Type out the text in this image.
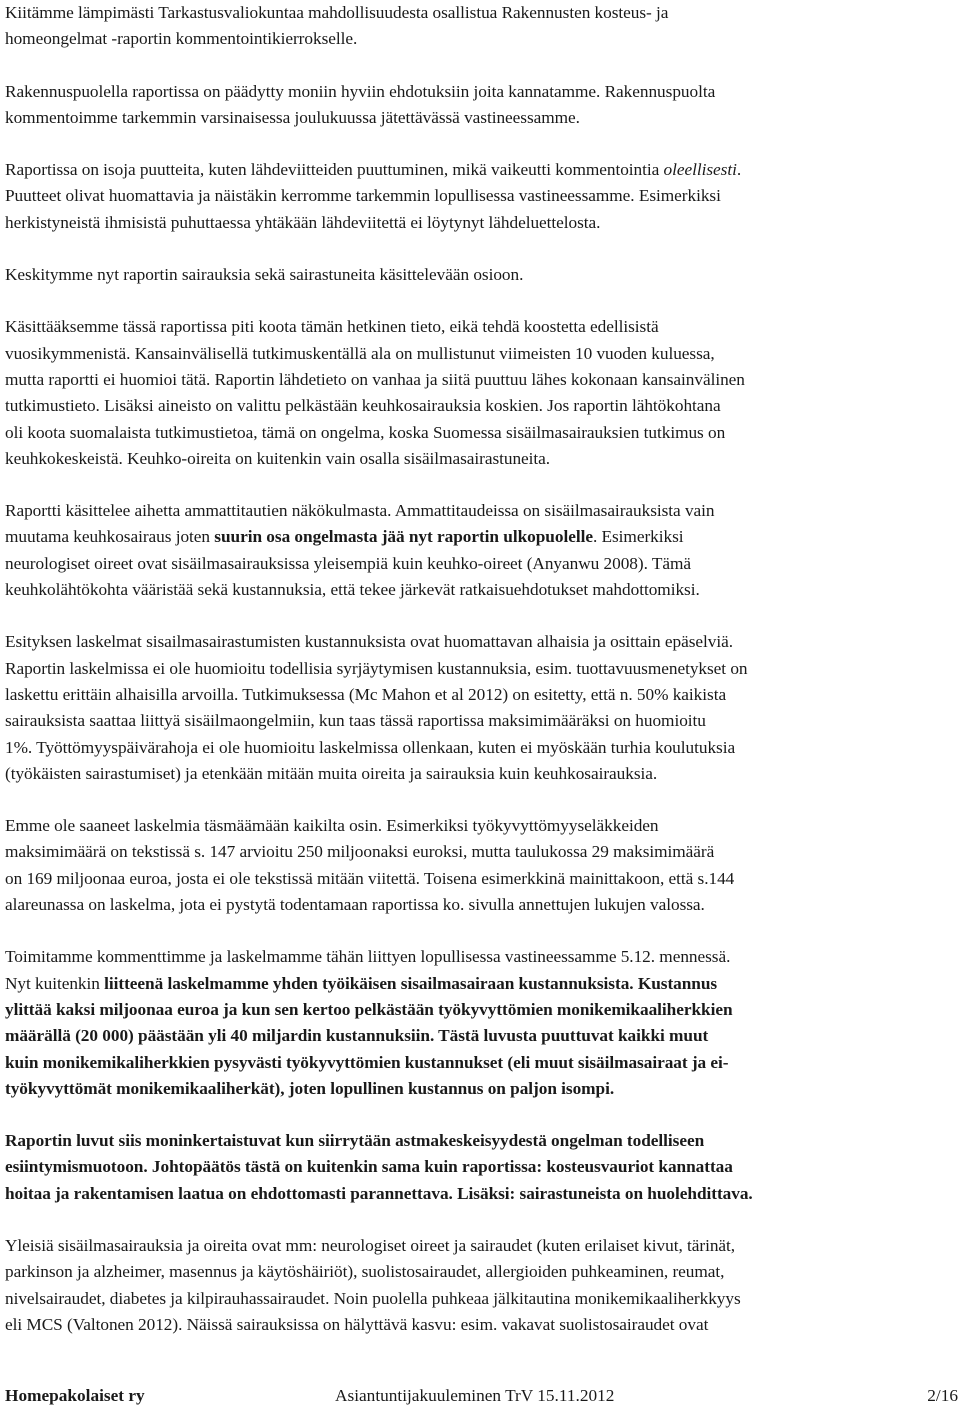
Kiitämme lämpimästi Tarkastusvaliokuntaa mahdollisuudesta osallistua Rakennusten kosteus- ja
homeongelmat -raportin kommentointikierrokselle.

Rakennuspuolella raportissa on päädytty moniin hyviin ehdotuksiin joita kannatamme. Rakennuspuolta
kommentoimme tarkemmin varsinaisessa joulukuussa jätettävässä vastineessamme.

Raportissa on isoja puutteita, kuten lähdeviitteiden puuttuminen, mikä vaikeutti kommentointia oleellisesti.
Puutteet olivat huomattavia ja näistäkin kerromme tarkemmin lopullisessa vastineessamme. Esimerkiksi
herkistyneistä ihmisistä puhuttaessa yhtäkään lähdeviitettä ei löytynyt lähdeluettelosta.

Keskitymme nyt raportin sairauksia sekä sairastuneita käsittelevään osioon.

Käsittääksemme tässä raportissa piti koota tämän hetkinen tieto, eikä tehdä koostetta edellisistä
vuosikymmenistä. Kansainvälisellä tutkimuskentällä ala on mullistunut viimeisten 10 vuoden kuluessa,
mutta raportti ei huomioi tätä. Raportin lähdetieto on vanhaa ja siitä puuttuu lähes kokonaan kansainvälinen
tutkimustieto. Lisäksi aineisto on valittu pelkästään keuhkosairauksia koskien. Jos raportin lähtökohtana
oli koota suomalaista tutkimustietoa, tämä on ongelma, koska Suomessa sisäilmasairauksien tutkimus on
keuhkokeskeistä. Keuhko-oireita on kuitenkin vain osalla sisäilmasairastuneita.

Raportti käsittelee aihetta ammattitautien näkökulmasta. Ammattitaudeissa on sisäilmasairauksista vain
muutama keuhkosairaus joten suurin osa ongelmasta jää nyt raportin ulkopuolelle. Esimerkiksi
neurologiset oireet ovat sisäilmasairauksissa yleisempiä kuin keuhko-oireet (Anyanwu 2008). Tämä
keuhkolähtökohta vääristää sekä kustannuksia, että tekee järkevät ratkaisuehdotukset mahdottomiksi.

Esityksen laskelmat sisailmasairastumisten kustannuksista ovat huomattavan alhaisia ja osittain epäselviä.
Raportin laskelmissa ei ole huomioitu todellisia syrjäytymisen kustannuksia, esim. tuottavuusmenetykset on
laskettu erittäin alhaisilla arvoilla. Tutkimuksessa (Mc Mahon et al 2012) on esitetty, että n. 50% kaikista
sairauksista saattaa liittyä sisäilmaongelmiin, kun taas tässä raportissa maksimimääräksi on huomioitu
1%. Työttömyyspäivärahoja ei ole huomioitu laskelmissa ollenkaan, kuten ei myöskään turhia koulutuksia
(työkäisten sairastumiset) ja etenkään mitään muita oireita ja sairauksia kuin keuhkosairauksia.

Emme ole saaneet laskelmia täsmäämään kaikilta osin. Esimerkiksi työkyvyttömyyseläkkeiden
maksimimäärä on tekstissä s. 147 arvioitu 250 miljoonaksi euroksi, mutta taulukossa 29 maksimimäärä
on 169 miljoonaa euroa, josta ei ole tekstissä mitään viitettä. Toisena esimerkkinä mainittakoon, että s.144
alareunassa on laskelma, jota ei pystytä todentamaan raportissa ko. sivulla annettujen lukujen valossa.

Toimitamme kommenttimme ja laskelmamme tähän liittyen lopullisessa vastineessamme 5.12. mennessä.
Nyt kuitenkin liitteenä laskelmamme yhden työikäisen sisailmasairaan kustannuksista. Kustannus
ylittää kaksi miljoonaa euroa ja kun sen kertoo pelkästään työkyvyttömien monikemikaaliherkkien
määrällä (20 000) päästään yli 40 miljardin kustannuksiin. Tästä luvusta puuttuvat kaikki muut
kuin monikemikaliherkkien pysyvästi työkyvyttömien kustannukset (eli muut sisäilmasairaat ja ei-
työkyvyttömät monikemikaaliherkät), joten lopullinen kustannus on paljon isompi.

Raportin luvut siis moninkertaistuvat kun siirrytään astmakeskeisyydestä ongelman todelliseen
esiintymismuotoon. Johtopäätös tästä on kuitenkin sama kuin raportissa: kosteusvauriot kannattaa
hoitaa ja rakentamisen laatua on ehdottomasti parannettava. Lisäksi: sairastuneista on huolehdittava.

Yleisiä sisäilmasairauksia ja oireita ovat mm: neurologiset oireet ja sairaudet (kuten erilaiset kivut, tärinät,
parkinson ja alzheimer, masennus ja käytöshäiriöt), suolistosairaudet, allergioiden puhkeaminen, reumat,
nivelsairaudet, diabetes ja kilpirauhassairaudet. Noin puolella puhkeaa jälkitautina monikemikaaliherkkyys
eli MCS (Valtonen 2012). Näissä sairauksissa on hälyttävä kasvu: esim. vakavat suolistosairaudet ovat

Homepakolaiset ry	Asiantuntijakuuleminen TrV 15.11.2012	2/16
